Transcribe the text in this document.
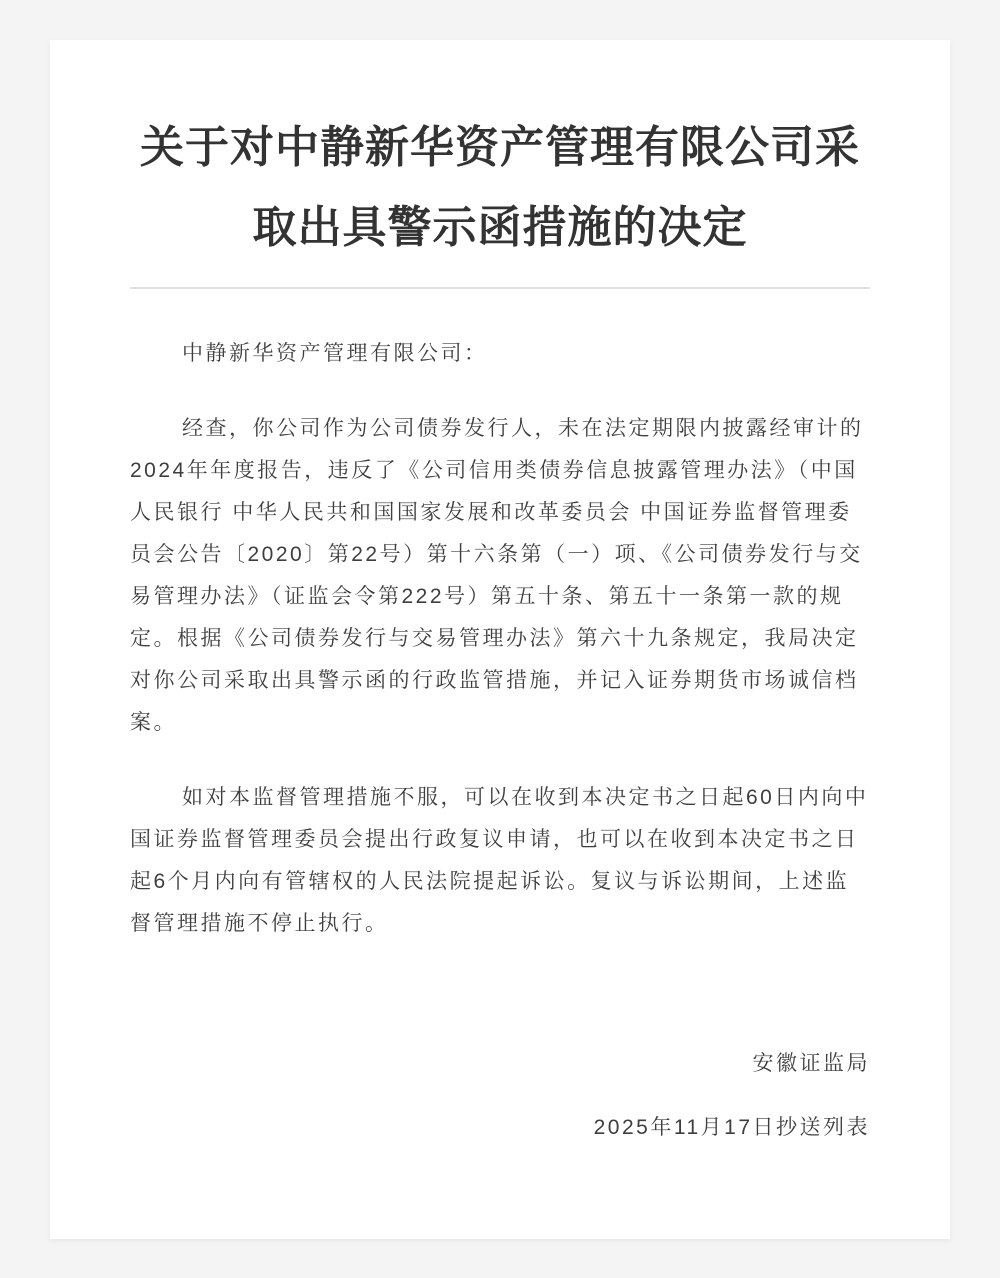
关于对中静新华资产管理有限公司采取出具警示函措施的决定

中静新华资产管理有限公司：

经查，你公司作为公司债券发行人，未在法定期限内披露经审计的2024年年度报告，违反了《公司信用类债券信息披露管理办法》（中国人民银行 中华人民共和国国家发展和改革委员会 中国证券监督管理委员会公告〔2020〕第22号）第十六条第（一）项、《公司债券发行与交易管理办法》（证监会令第222号）第五十条、第五十一条第一款的规定。根据《公司债券发行与交易管理办法》第六十九条规定，我局决定对你公司采取出具警示函的行政监管措施，并记入证券期货市场诚信档案。

如对本监督管理措施不服，可以在收到本决定书之日起60日内向中国证券监督管理委员会提出行政复议申请，也可以在收到本决定书之日起6个月内向有管辖权的人民法院提起诉讼。复议与诉讼期间，上述监督管理措施不停止执行。

安徽证监局

2025年11月17日抄送列表
